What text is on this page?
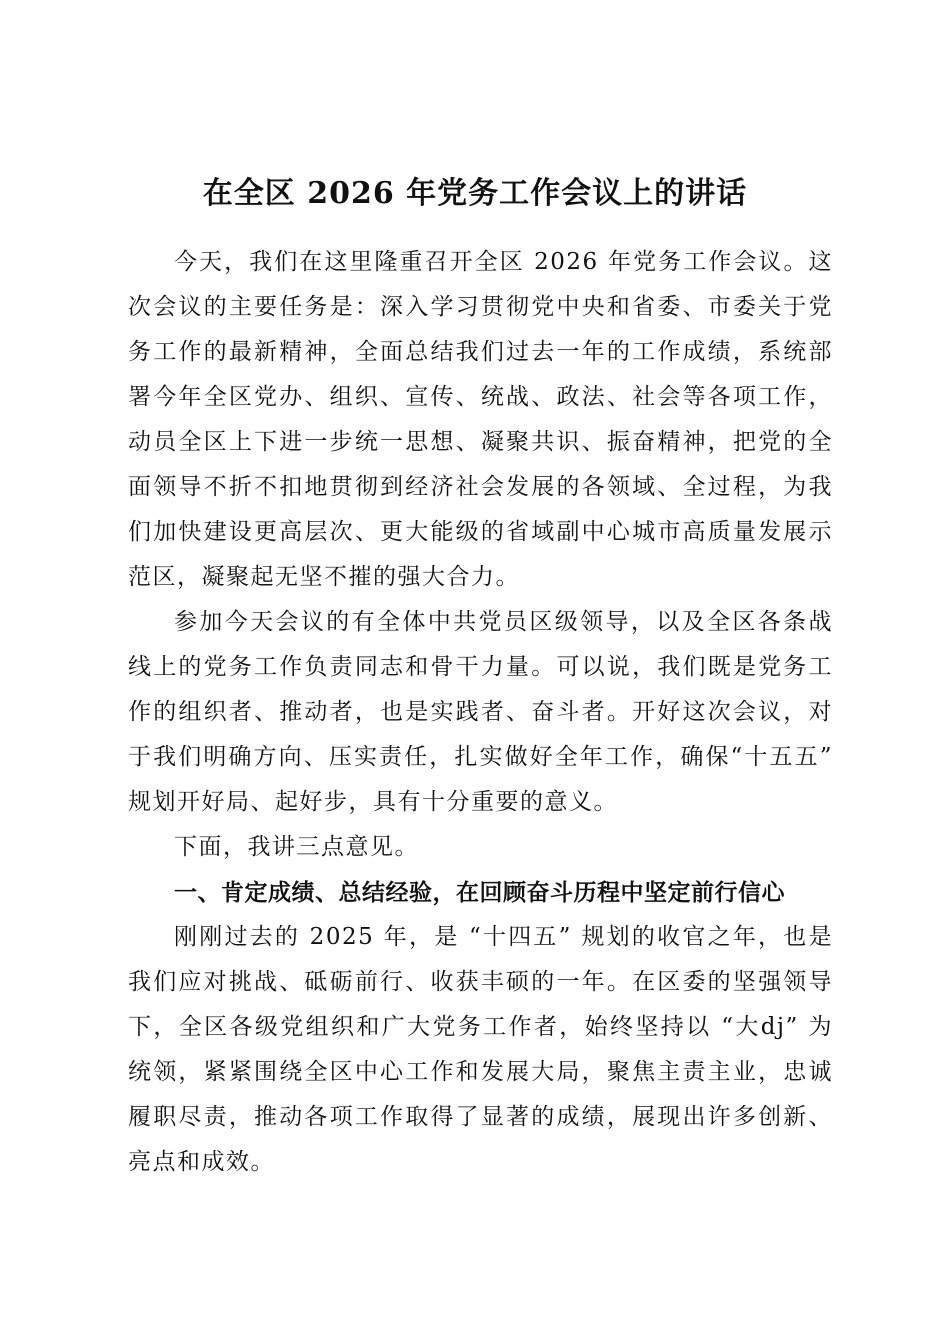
在全区 2026 年党务工作会议上的讲话

今天，我们在这里隆重召开全区 2026 年党务工作会议。这次会议的主要任务是：深入学习贯彻党中央和省委、市委关于党务工作的最新精神，全面总结我们过去一年的工作成绩，系统部署今年全区党办、组织、宣传、统战、政法、社会等各项工作，动员全区上下进一步统一思想、凝聚共识、振奋精神，把党的全面领导不折不扣地贯彻到经济社会发展的各领域、全过程，为我们加快建设更高层次、更大能级的省域副中心城市高质量发展示范区，凝聚起无坚不摧的强大合力。

参加今天会议的有全体中共党员区级领导，以及全区各条战线上的党务工作负责同志和骨干力量。可以说，我们既是党务工作的组织者、推动者，也是实践者、奋斗者。开好这次会议，对于我们明确方向、压实责任，扎实做好全年工作，确保“十五五” 规划开好局、起好步，具有十分重要的意义。

下面，我讲三点意见。

一、肯定成绩、总结经验，在回顾奋斗历程中坚定前行信心

刚刚过去的 2025 年，是 “十四五” 规划的收官之年，也是我们应对挑战、砥砺前行、收获丰硕的一年。在区委的坚强领导下，全区各级党组织和广大党务工作者，始终坚持以 “大dj” 为统领，紧紧围绕全区中心工作和发展大局，聚焦主责主业，忠诚履职尽责，推动各项工作取得了显著的成绩，展现出许多创新、亮点和成效。
